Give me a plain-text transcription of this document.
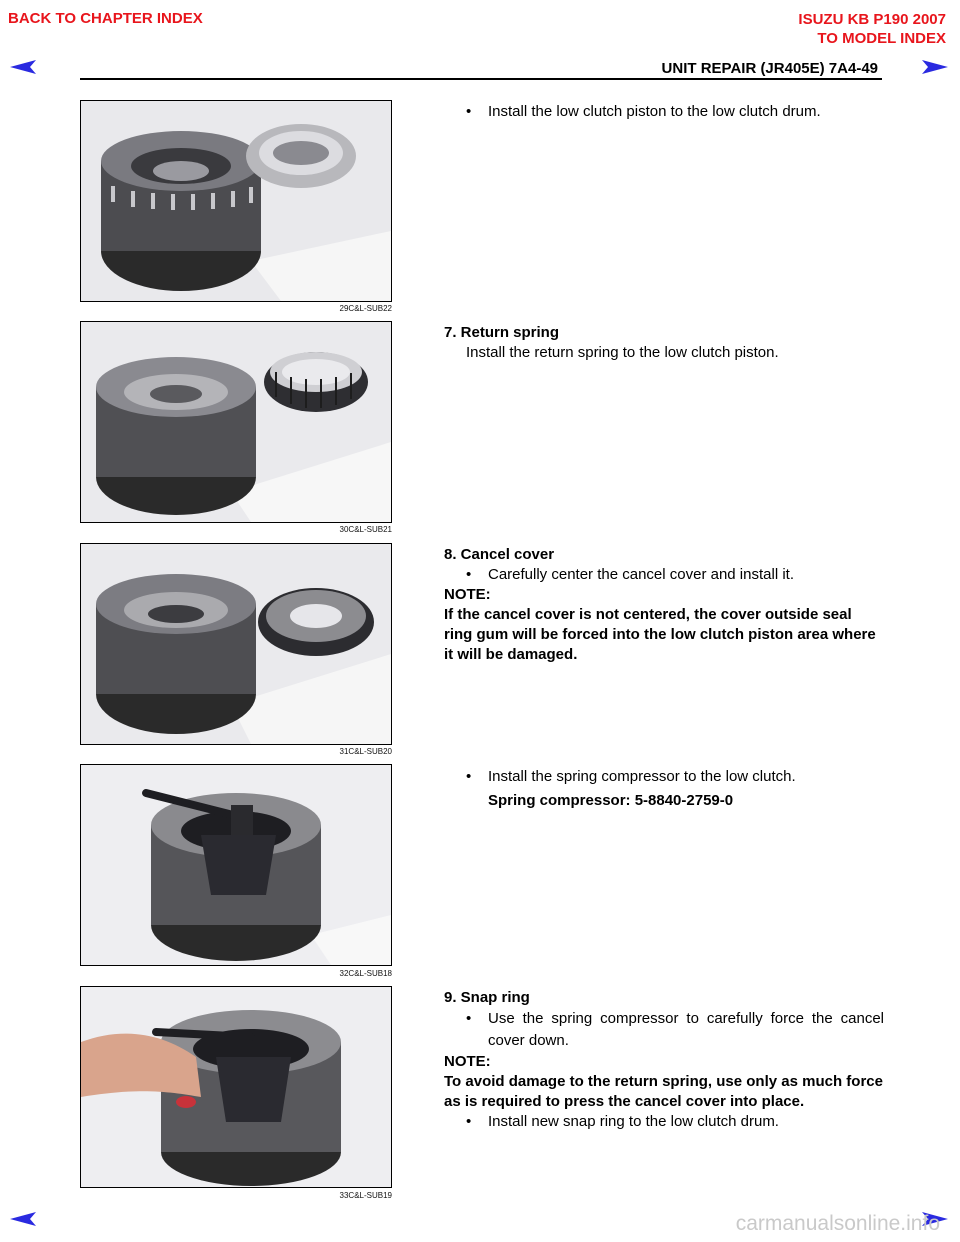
BACK TO CHAPTER INDEX	ISUZU KB P190 2007
TO MODEL INDEX
UNIT REPAIR (JR405E) 7A4-49
29C&L-SUB22
30C&L-SUB21
31C&L-SUB20
32C&L-SUB18
33C&L-SUB19
• Install the low clutch piston to the low clutch drum.
7. Return spring
Install the return spring to the low clutch piston.
8. Cancel cover
• Carefully center the cancel cover and install it.
NOTE:
If the cancel cover is not centered, the cover outside seal ring gum will be forced into the low clutch piston area where it will be damaged.
• Install the spring compressor to the low clutch.
Spring compressor: 5-8840-2759-0
9. Snap ring
• Use the spring compressor to carefully force the cancel cover down.
NOTE:
To avoid damage to the return spring, use only as much force as is required to press the cancel cover into place.
• Install new snap ring to the low clutch drum.
carmanualsonline.info
